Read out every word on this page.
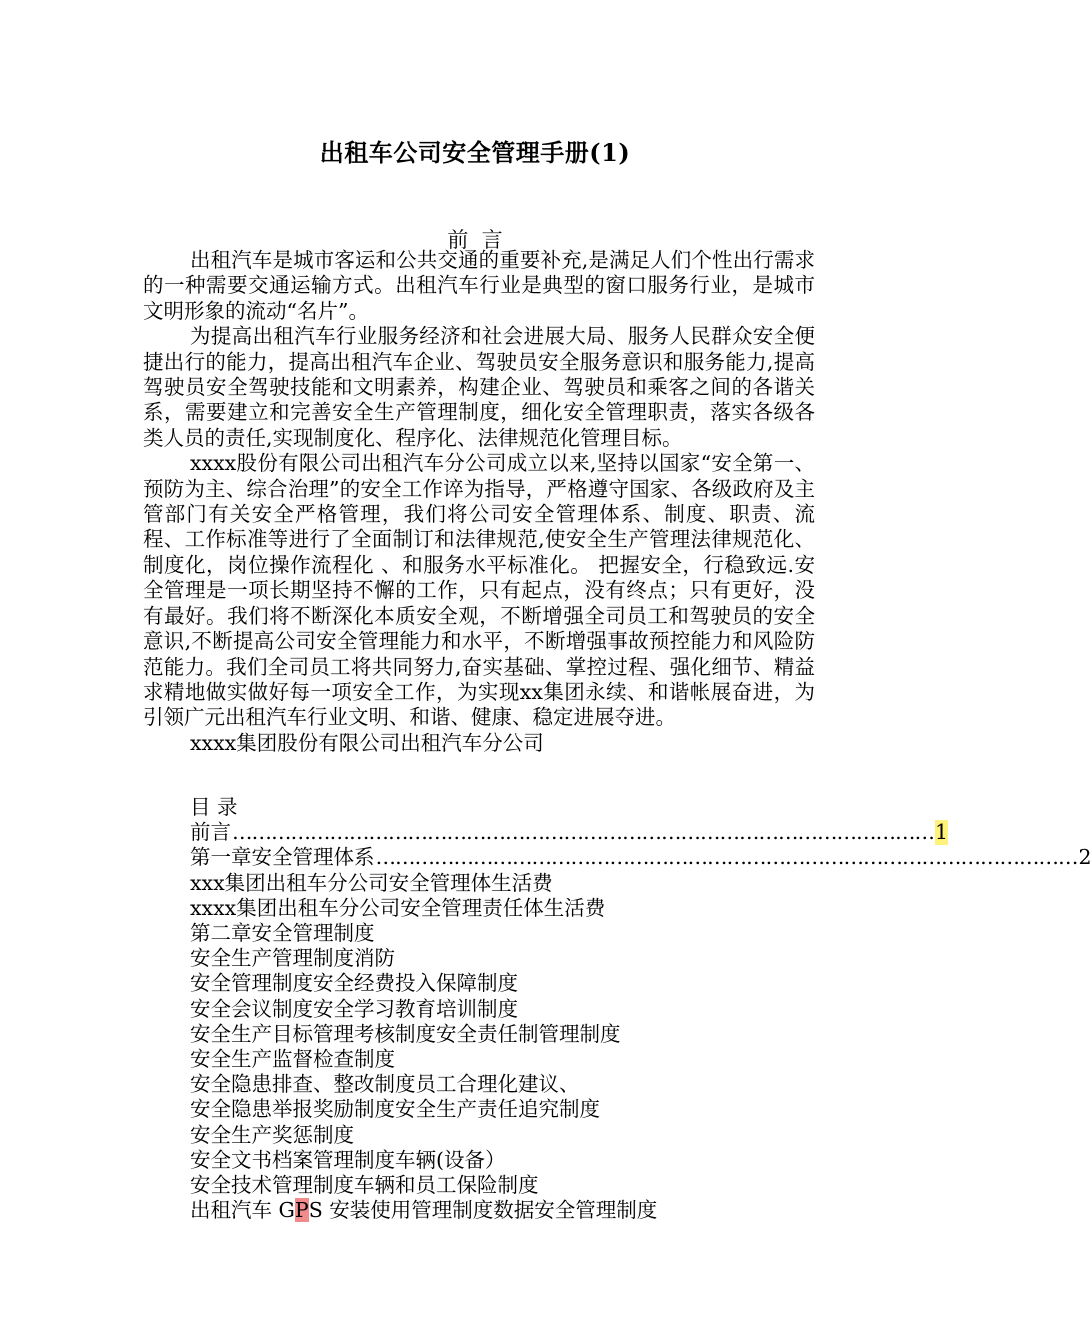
出租车公司安全管理手册(1)
前  言

出租汽车是城市客运和公共交通的重要补充,是满足人们个性出行需求的一种需要交通运输方式。出租汽车行业是典型的窗口服务行业，是城市文明形象的流动“名片”。

为提高出租汽车行业服务经济和社会进展大局、服务人民群众安全便捷出行的能力，提高出租汽车企业、驾驶员安全服务意识和服务能力,提高驾驶员安全驾驶技能和文明素养，构建企业、驾驶员和乘客之间的各谐关系，需要建立和完善安全生产管理制度，细化安全管理职责，落实各级各类人员的责任,实现制度化、程序化、法律规范化管理目标。

xxxx股份有限公司出租汽车分公司成立以来,坚持以国家“安全第一、预防为主、综合治理”的安全工作谇为指导，严格遵守国家、各级政府及主管部门有关安全严格管理，我们将公司安全管理体系、制度、职责、流程、工作标准等进行了全面制订和法律规范,使安全生产管理法律规范化、制度化，岗位操作流程化 、和服务水平标准化。 把握安全，行稳致远.安全管理是一项长期坚持不懈的工作，只有起点，没有终点；只有更好，没有最好。我们将不断深化本质安全观，不断增强全司员工和驾驶员的安全意识,不断提高公司安全管理能力和水平，不断增强事故预控能力和风险防范能力。我们全司员工将共同努力,奋实基础、掌控过程、强化细节、精益求精地做实做好每一项安全工作，为实现xx集团永续、和谐帐展奋进，为引领广元出租汽车行业文明、和谐、健康、稳定进展夺进。

xxxx集团股份有限公司出租汽车分公司

目 录
前言 ……………………………………………………………………………………………… 1
第一章安全管理体系 ……………………………………………………………………………………………… 2
xxx集团出租车分公司安全管理体生活费
xxxx集团出租车分公司安全管理责任体生活费
第二章安全管理制度
安全生产管理制度消防
安全管理制度安全经费投入保障制度
安全会议制度安全学习教育培训制度
安全生产目标管理考核制度安全责任制管理制度
安全生产监督检查制度
安全隐患排查、整改制度员工合理化建议、
安全隐患举报奖励制度安全生产责任追究制度
安全生产奖惩制度
安全文书档案管理制度车辆(设备）
安全技术管理制度车辆和员工保险制度
出租汽车 GPS 安装使用管理制度数据安全管理制度
